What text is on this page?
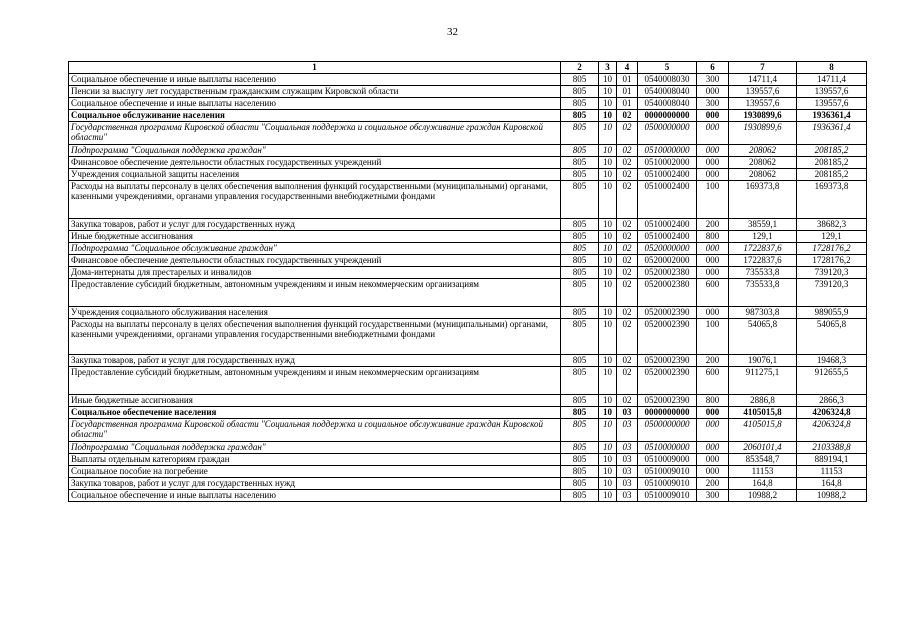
32
1	2	3	4	5	6	7	8
Социальное обеспечение и иные выплаты населению	805	10	01	0540008030	300	14711,4	14711,4
Пенсии за выслугу лет государственным гражданским служащим Кировской области	805	10	01	0540008040	000	139557,6	139557,6
Социальное обеспечение и иные выплаты населению	805	10	01	0540008040	300	139557,6	139557,6
Социальное обслуживание населения	805	10	02	0000000000	000	1930899,6	1936361,4
Государственная программа Кировской области "Социальная поддержка и социальное обслуживание граждан Кировской области"	805	10	02	0500000000	000	1930899,6	1936361,4
Подпрограмма "Социальная поддержка граждан"	805	10	02	0510000000	000	208062	208185,2
Финансовое обеспечение деятельности областных государственных учреждений	805	10	02	0510002000	000	208062	208185,2
Учреждения социальной защиты населения	805	10	02	0510002400	000	208062	208185,2
Расходы на выплаты персоналу в целях обеспечения выполнения функций государственными (муниципальными) органами, казенными учреждениями, органами управления государственными внебюджетными фондами	805	10	02	0510002400	100	169373,8	169373,8
Закупка товаров, работ и услуг для государственных нужд	805	10	02	0510002400	200	38559,1	38682,3
Иные бюджетные ассигнования	805	10	02	0510002400	800	129,1	129,1
Подпрограмма "Социальное обслуживание граждан"	805	10	02	0520000000	000	1722837,6	1728176,2
Финансовое обеспечение деятельности областных государственных учреждений	805	10	02	0520002000	000	1722837,6	1728176,2
Дома-интернаты для престарелых и инвалидов	805	10	02	0520002380	000	735533,8	739120,3
Предоставление субсидий бюджетным, автономным учреждениям и иным некоммерческим организациям	805	10	02	0520002380	600	735533,8	739120,3
Учреждения социального обслуживания населения	805	10	02	0520002390	000	987303,8	989055,9
Расходы на выплаты персоналу в целях обеспечения выполнения функций государственными (муниципальными) органами, казенными учреждениями, органами управления государственными внебюджетными фондами	805	10	02	0520002390	100	54065,8	54065,8
Закупка товаров, работ и услуг для государственных нужд	805	10	02	0520002390	200	19076,1	19468,3
Предоставление субсидий бюджетным, автономным учреждениям и иным некоммерческим организациям	805	10	02	0520002390	600	911275,1	912655,5
Иные бюджетные ассигнования	805	10	02	0520002390	800	2886,8	2866,3
Социальное обеспечение населения	805	10	03	0000000000	000	4105015,8	4206324,8
Государственная программа Кировской области "Социальная поддержка и социальное обслуживание граждан Кировской области"	805	10	03	0500000000	000	4105015,8	4206324,8
Подпрограмма "Социальная поддержка граждан"	805	10	03	0510000000	000	2060101,4	2103388,8
Выплаты отдельным категориям граждан	805	10	03	0510009000	000	853548,7	889194,1
Социальное пособие на погребение	805	10	03	0510009010	000	11153	11153
Закупка товаров, работ и услуг для государственных нужд	805	10	03	0510009010	200	164,8	164,8
Социальное обеспечение и иные выплаты населению	805	10	03	0510009010	300	10988,2	10988,2
